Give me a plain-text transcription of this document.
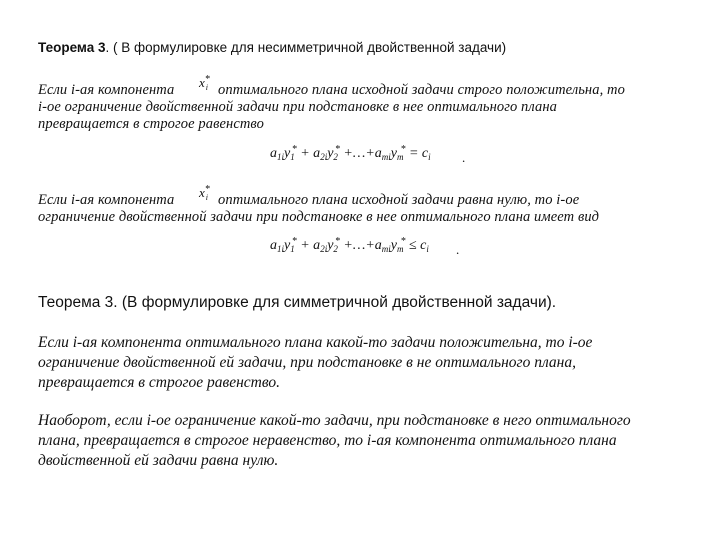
Теорема 3. ( В формулировке для несимметричной двойственной задачи)
Если i-ая компонента $x^*_i$ оптимального плана исходной задачи строго положительна, то
i-ое ограничение двойственной задачи при подстановке в нее оптимального плана
превращается в строгое равенство
$a_{1i}y_1^* + a_{2i}y_2^*$ $+\dots+a_{mi}y_m^* = c_i$ .
Если i-ая компонента $x^*_i$ оптимального плана исходной задачи равна нулю, то i-ое
ограничение двойственной задачи при подстановке в нее оптимального плана имеет вид
$a_{1i}y_1^* + a_{2i}y_2^*$ $+\dots+a_{mi}y_m^* \le c_i$ .
Теорема 3. (В формулировке для симметричной двойственной задачи).
Если i-ая компонента оптимального плана какой-то задачи положительна, то i-ое
ограничение двойственной ей задачи, при подстановке в не оптимального плана,
превращается в строгое равенство.
Наоборот, если i-ое ограничение какой-то задачи, при подстановке в него оптимального
плана, превращается в строгое неравенство, то i-ая компонента оптимального плана
двойственной ей задачи равна нулю.
